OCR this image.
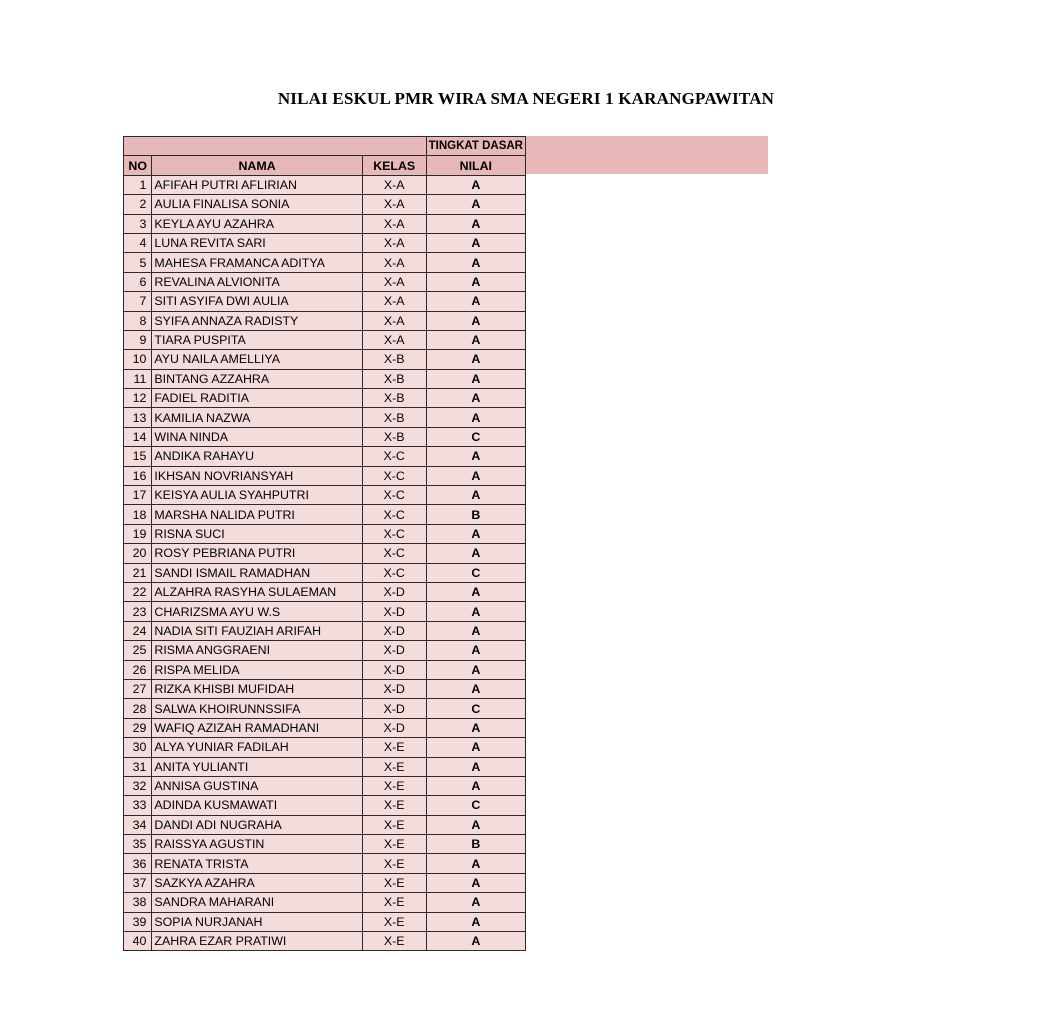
NILAI ESKUL PMR WIRA SMA NEGERI 1 KARANGPAWITAN
			TINGKAT DASAR
NO	NAMA	KELAS	NILAI
1	AFIFAH PUTRI AFLIRIAN	X-A	A
2	AULIA FINALISA SONIA	X-A	A
3	KEYLA AYU AZAHRA	X-A	A
4	LUNA REVITA SARI	X-A	A
5	MAHESA FRAMANCA ADITYA	X-A	A
6	REVALINA ALVIONITA	X-A	A
7	SITI ASYIFA DWI AULIA	X-A	A
8	SYIFA ANNAZA RADISTY	X-A	A
9	TIARA PUSPITA	X-A	A
10	AYU NAILA AMELLIYA	X-B	A
11	BINTANG AZZAHRA	X-B	A
12	FADIEL RADITIA	X-B	A
13	KAMILIA NAZWA	X-B	A
14	WINA NINDA	X-B	C
15	ANDIKA RAHAYU	X-C	A
16	IKHSAN NOVRIANSYAH	X-C	A
17	KEISYA AULIA SYAHPUTRI	X-C	A
18	MARSHA NALIDA PUTRI	X-C	B
19	RISNA SUCI	X-C	A
20	ROSY PEBRIANA PUTRI	X-C	A
21	SANDI ISMAIL RAMADHAN	X-C	C
22	ALZAHRA RASYHA SULAEMAN	X-D	A
23	CHARIZSMA AYU W.S	X-D	A
24	NADIA SITI FAUZIAH ARIFAH	X-D	A
25	RISMA ANGGRAENI	X-D	A
26	RISPA MELIDA	X-D	A
27	RIZKA KHISBI MUFIDAH	X-D	A
28	SALWA KHOIRUNNSSIFA	X-D	C
29	WAFIQ AZIZAH RAMADHANI	X-D	A
30	ALYA YUNIAR FADILAH	X-E	A
31	ANITA YULIANTI	X-E	A
32	ANNISA GUSTINA	X-E	A
33	ADINDA KUSMAWATI	X-E	C
34	DANDI ADI NUGRAHA	X-E	A
35	RAISSYA AGUSTIN	X-E	B
36	RENATA TRISTA	X-E	A
37	SAZKYA AZAHRA	X-E	A
38	SANDRA MAHARANI	X-E	A
39	SOPIA NURJANAH	X-E	A
40	ZAHRA EZAR PRATIWI	X-E	A
